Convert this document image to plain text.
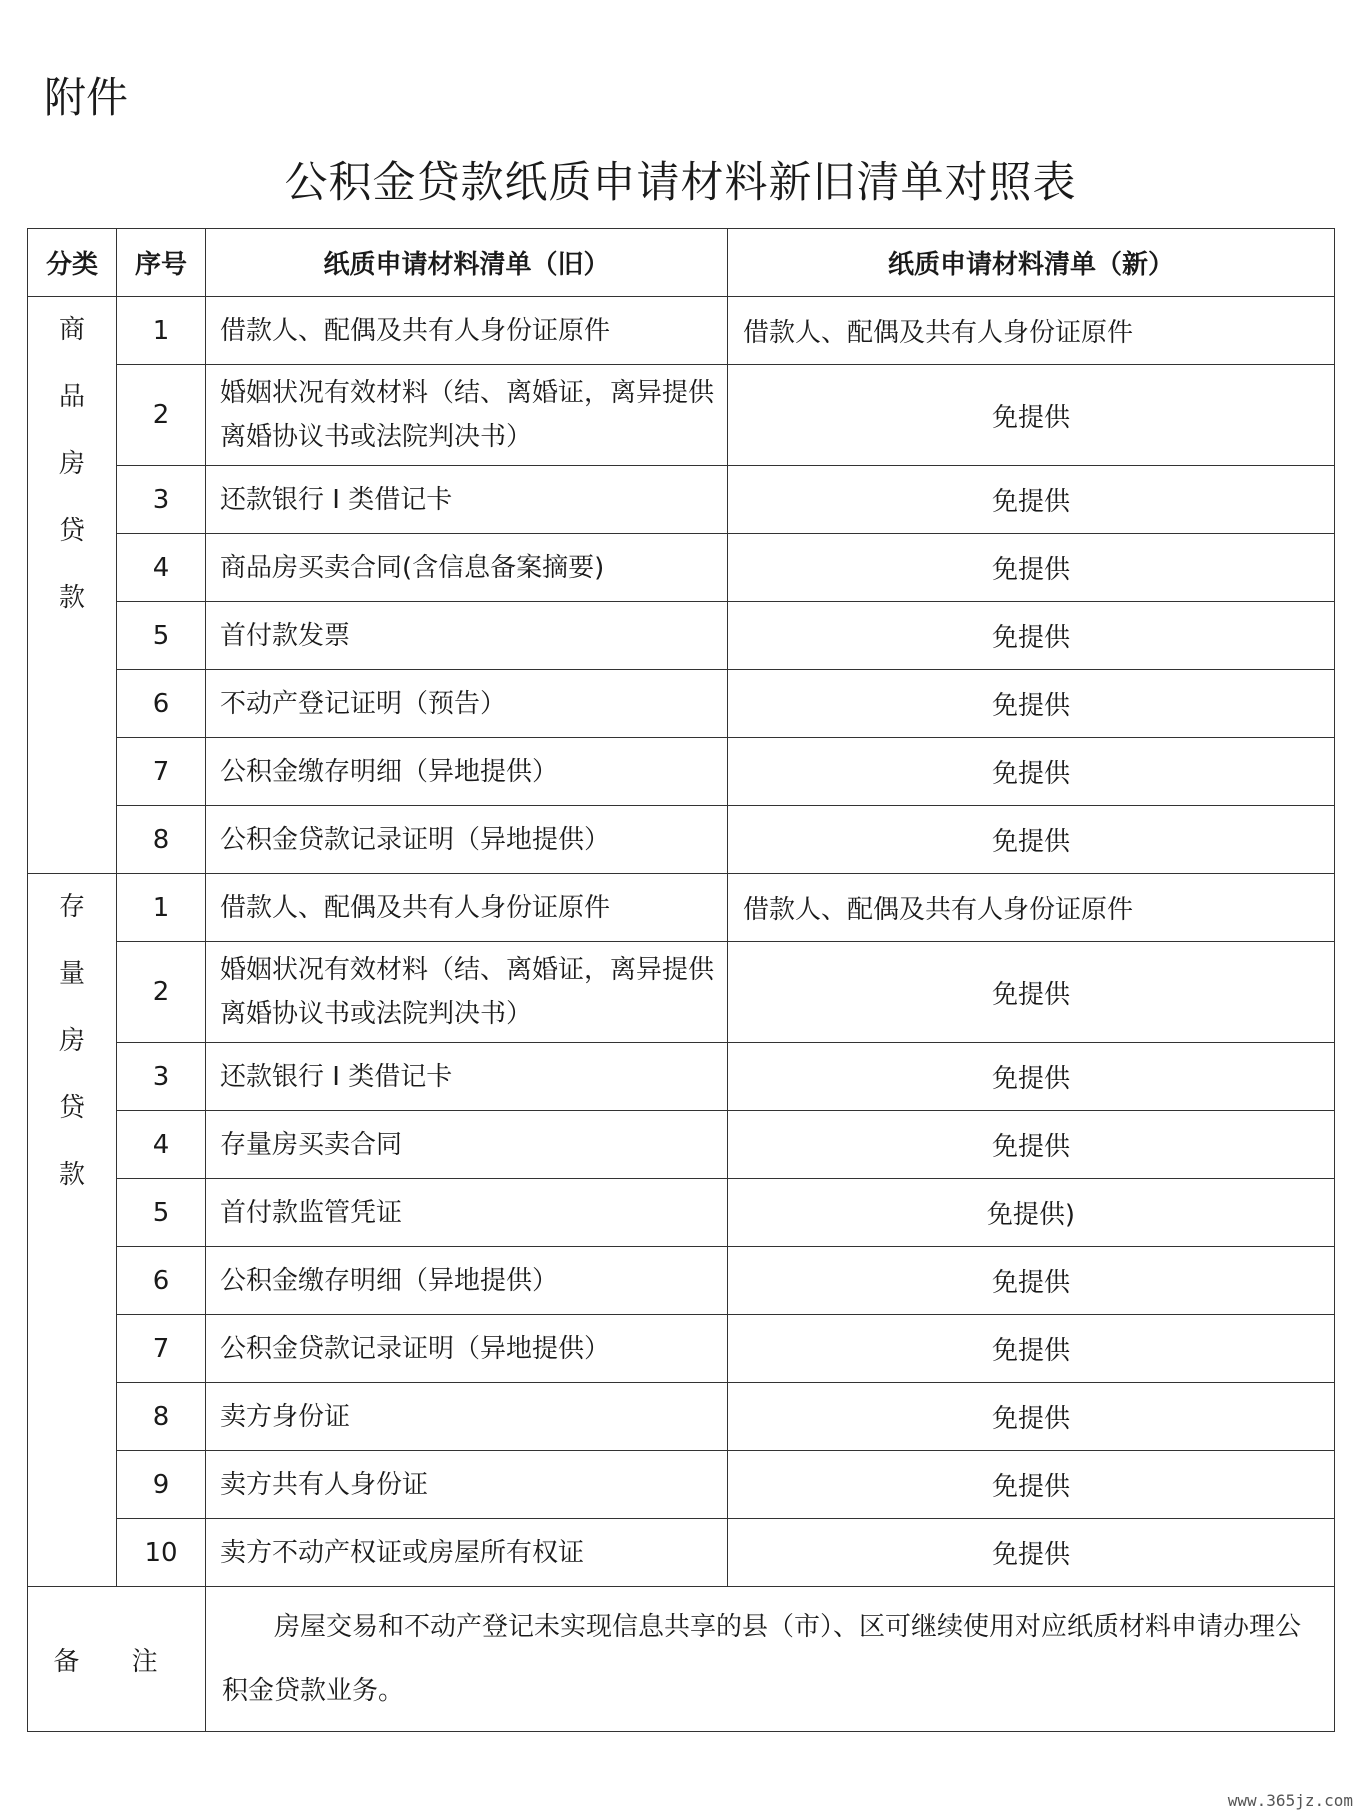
附件
公积金贷款纸质申请材料新旧清单对照表
分类	序号	纸质申请材料清单（旧）	纸质申请材料清单（新）

商
品
房
贷
款	1	借款人、配偶及共有人身份证原件	借款人、配偶及共有人身份证原件
	2	婚姻状况有效材料（结、离婚证，离异提供离婚协议书或法院判决书）	免提供
	3	还款银行 I 类借记卡	免提供
	4	商品房买卖合同(含信息备案摘要)	免提供
	5	首付款发票	免提供
	6	不动产登记证明（预告）	免提供
	7	公积金缴存明细（异地提供）	免提供
	8	公积金贷款记录证明（异地提供）	免提供

存
量
房
贷
款	1	借款人、配偶及共有人身份证原件	借款人、配偶及共有人身份证原件
	2	婚姻状况有效材料（结、离婚证，离异提供离婚协议书或法院判决书）	免提供
	3	还款银行 I 类借记卡	免提供
	4	存量房买卖合同	免提供
	5	首付款监管凭证	免提供)
	6	公积金缴存明细（异地提供）	免提供
	7	公积金贷款记录证明（异地提供）	免提供
	8	卖方身份证	免提供
	9	卖方共有人身份证	免提供
	10	卖方不动产权证或房屋所有权证	免提供
备 注		房屋交易和不动产登记未实现信息共享的县（市）、区可继续使用对应纸质材料申请办理公积金贷款业务。	
www.365jz.com
